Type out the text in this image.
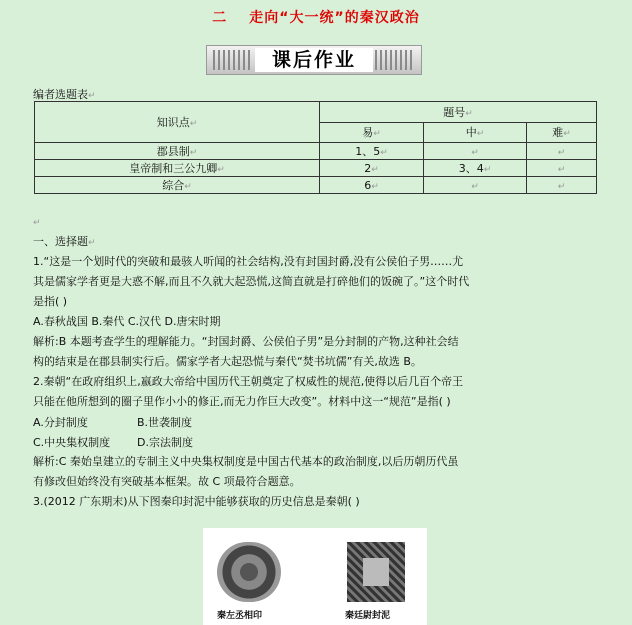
二 走向“大一统”的秦汉政治
课后作业
编者选题表↵
知识点↵	题号↵		
	易↵	中↵	难↵
郡县制↵	1、5↵	↵	↵
皇帝制和三公九卿↵	2↵	3、4↵	↵
综合↵	6↵	↵	↵
↵
一、选择题↵
1.“这是一个划时代的突破和最骇人听闻的社会结构,没有封国封爵,没有公侯伯子男……尤
其是儒家学者更是大惑不解,而且不久就大起恐慌,这简直就是打碎他们的饭碗了。”这个时代
是指( )
A.春秋战国 B.秦代 C.汉代 D.唐宋时期
解析:B 本题考查学生的理解能力。“封国封爵、公侯伯子男”是分封制的产物,这种社会结
构的结束是在郡县制实行后。儒家学者大起恐慌与秦代“焚书坑儒”有关,故选 B。
2.秦朝“在政府组织上,嬴政大帝给中国历代王朝奠定了权威性的规范,使得以后几百个帝王
只能在他所想到的圈子里作小小的修正,而无力作巨大改变”。材料中这一“规范”是指( )
A.分封制度	B.世袭制度
C.中央集权制度 D.宗法制度
解析:C 秦始皇建立的专制主义中央集权制度是中国古代基本的政治制度,以后历朝历代虽
有修改但始终没有突破基本框架。故 C 项最符合题意。
3.(2012 广东期末)从下图秦印封泥中能够获取的历史信息是秦朝( )
秦左丞相印	秦廷尉封泥
